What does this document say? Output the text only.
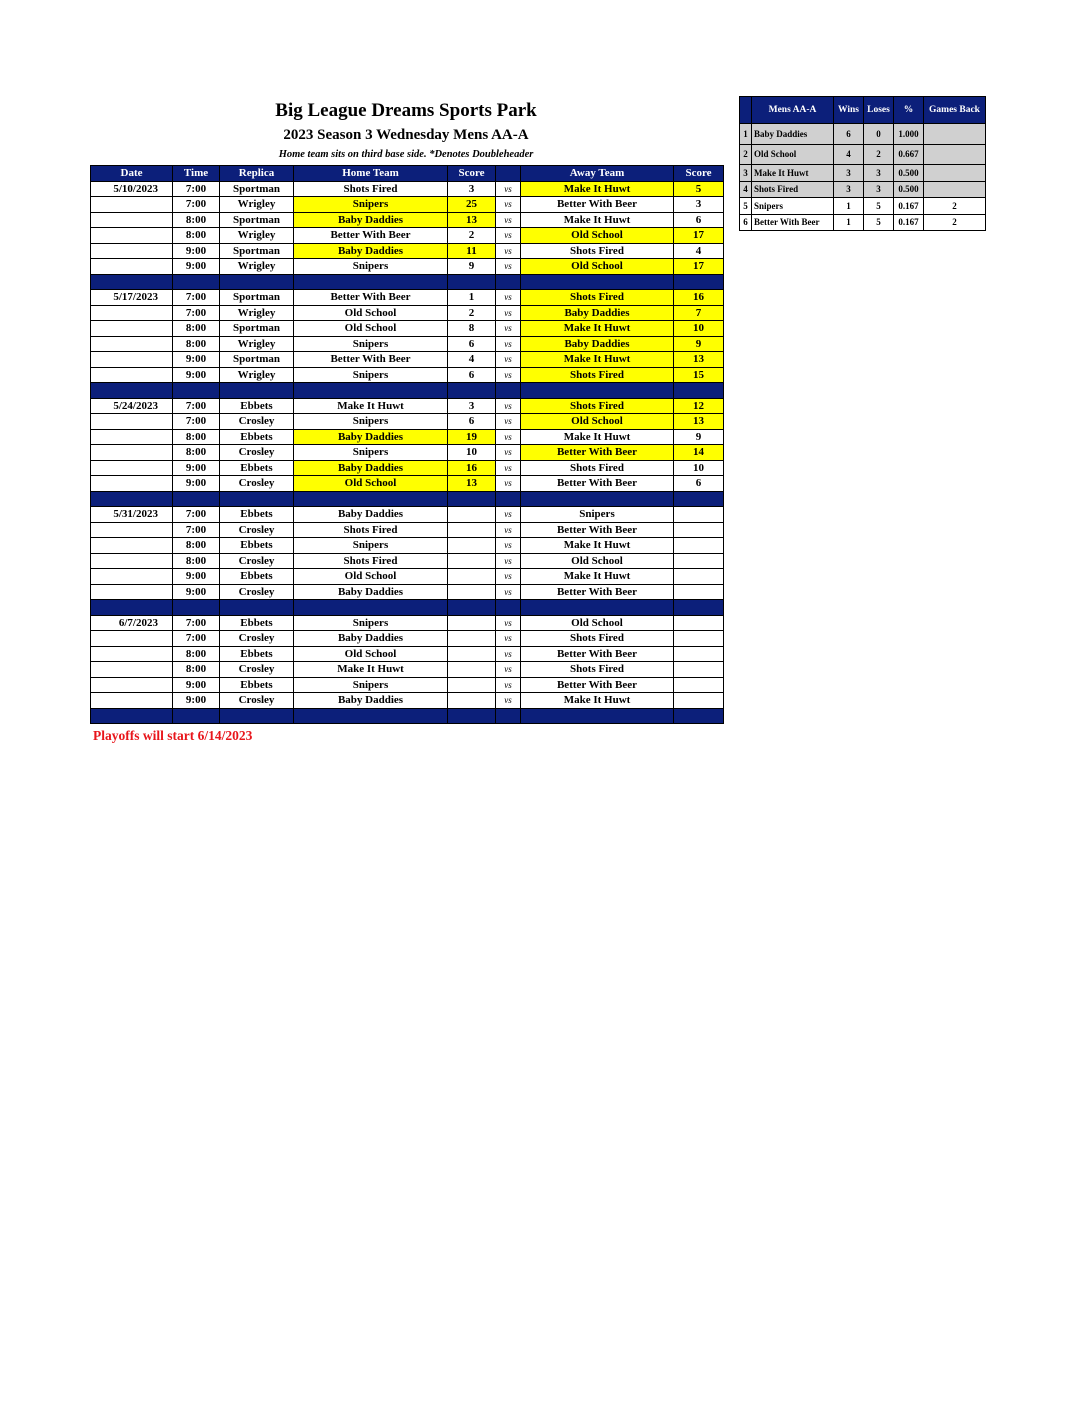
Big League Dreams Sports Park
2023 Season 3 Wednesday Mens AA-A
Home team sits on third base side. *Denotes Doubleheader
Date	Time	Replica	Home Team	Score		Away Team	Score
5/10/2023	7:00	Sportman	Shots Fired	3	vs	Make It Huwt	5
	7:00	Wrigley	Snipers	25	vs	Better With Beer	3
	8:00	Sportman	Baby Daddies	13	vs	Make It Huwt	6
	8:00	Wrigley	Better With Beer	2	vs	Old School	17
	9:00	Sportman	Baby Daddies	11	vs	Shots Fired	4
	9:00	Wrigley	Snipers	9	vs	Old School	17

5/17/2023	7:00	Sportman	Better With Beer	1	vs	Shots Fired	16
	7:00	Wrigley	Old School	2	vs	Baby Daddies	7
	8:00	Sportman	Old School	8	vs	Make It Huwt	10
	8:00	Wrigley	Snipers	6	vs	Baby Daddies	9
	9:00	Sportman	Better With Beer	4	vs	Make It Huwt	13
	9:00	Wrigley	Snipers	6	vs	Shots Fired	15

5/24/2023	7:00	Ebbets	Make It Huwt	3	vs	Shots Fired	12
	7:00	Crosley	Snipers	6	vs	Old School	13
	8:00	Ebbets	Baby Daddies	19	vs	Make It Huwt	9
	8:00	Crosley	Snipers	10	vs	Better With Beer	14
	9:00	Ebbets	Baby Daddies	16	vs	Shots Fired	10
	9:00	Crosley	Old School	13	vs	Better With Beer	6

5/31/2023	7:00	Ebbets	Baby Daddies		vs	Snipers	
	7:00	Crosley	Shots Fired		vs	Better With Beer	
	8:00	Ebbets	Snipers		vs	Make It Huwt	
	8:00	Crosley	Shots Fired		vs	Old School	
	9:00	Ebbets	Old School		vs	Make It Huwt	
	9:00	Crosley	Baby Daddies		vs	Better With Beer	

6/7/2023	7:00	Ebbets	Snipers		vs	Old School	
	7:00	Crosley	Baby Daddies		vs	Shots Fired	
	8:00	Ebbets	Old School		vs	Better With Beer	
	8:00	Crosley	Make It Huwt		vs	Shots Fired	
	9:00	Ebbets	Snipers		vs	Better With Beer	
	9:00	Crosley	Baby Daddies		vs	Make It Huwt	

Playoffs will start 6/14/2023
	Mens AA-A	Wins	Loses	%	Games Back
1	Baby Daddies	6	0	1.000	
2	Old School	4	2	0.667	
3	Make It Huwt	3	3	0.500	
4	Shots Fired	3	3	0.500	
5	Snipers	1	5	0.167	2
6	Better With Beer	1	5	0.167	2
